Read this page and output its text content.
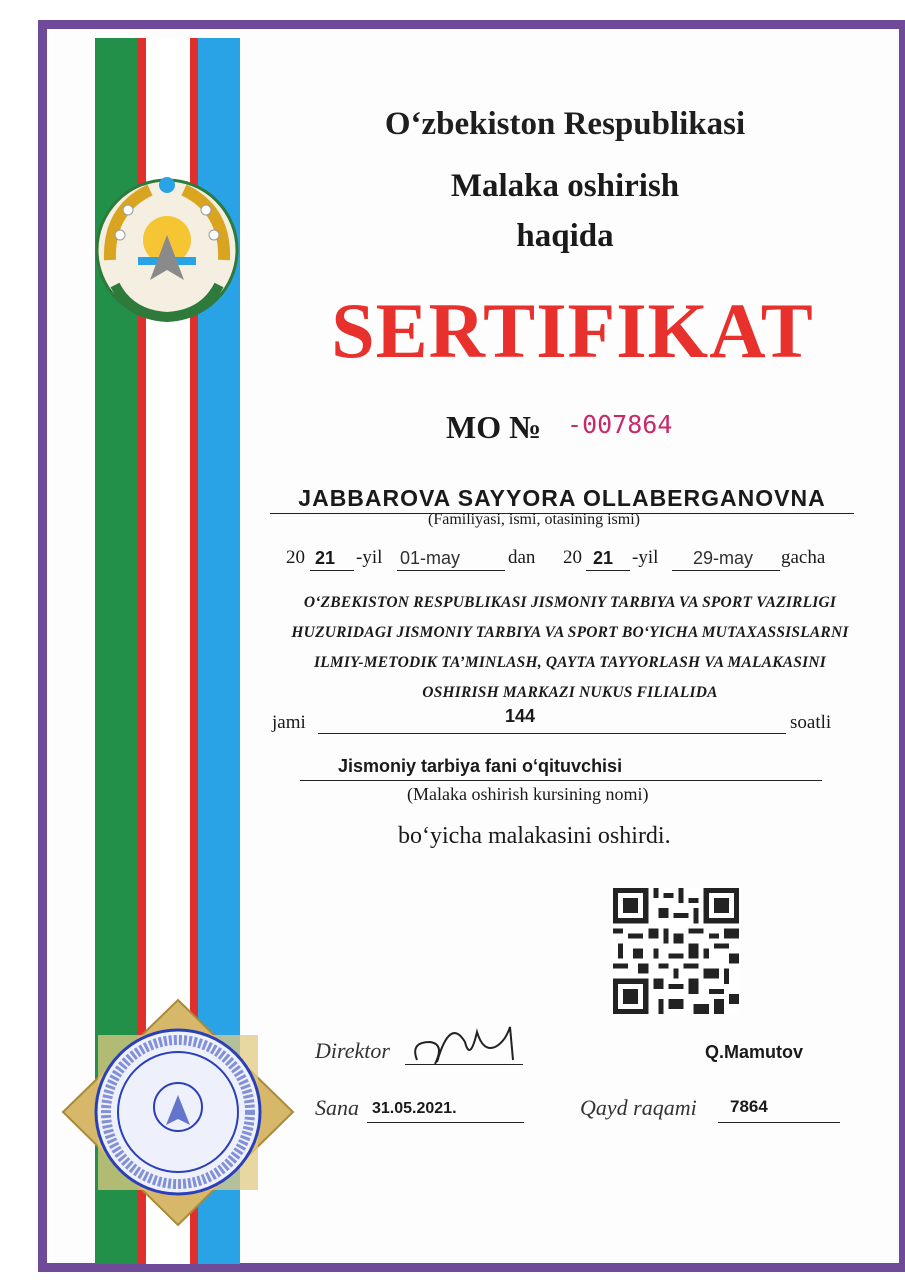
O‘zbekiston Respublikasi
Malaka oshirish
haqida
SERTIFIKAT
MO № -007864
JABBAROVA SAYYORA OLLABERGANOVNA
(Familiyasi, ismi, otasining ismi)
20 21 -yil 01-may	dan 20 21 -yil 29-may gacha
O‘ZBEKISTON RESPUBLIKASI JISMONIY TARBIYA VA SPORT VAZIRLIGI
HUZURIDAGI JISMONIY TARBIYA VA SPORT BO‘YICHA MUTAXASSISLARNI
ILMIY-METODIK TA’MINLASH, QAYTA TAYYORLASH VA MALAKASINI
OSHIRISH MARKAZI NUKUS FILIALIDA
jami	144	soatli
Jismoniy tarbiya fani o‘qituvchisi
(Malaka oshirish kursining nomi)
bo‘yicha malakasini oshirdi.
Direktor	Q.Mamutov
Sana 31.05.2021.	Qayd raqami 7864
